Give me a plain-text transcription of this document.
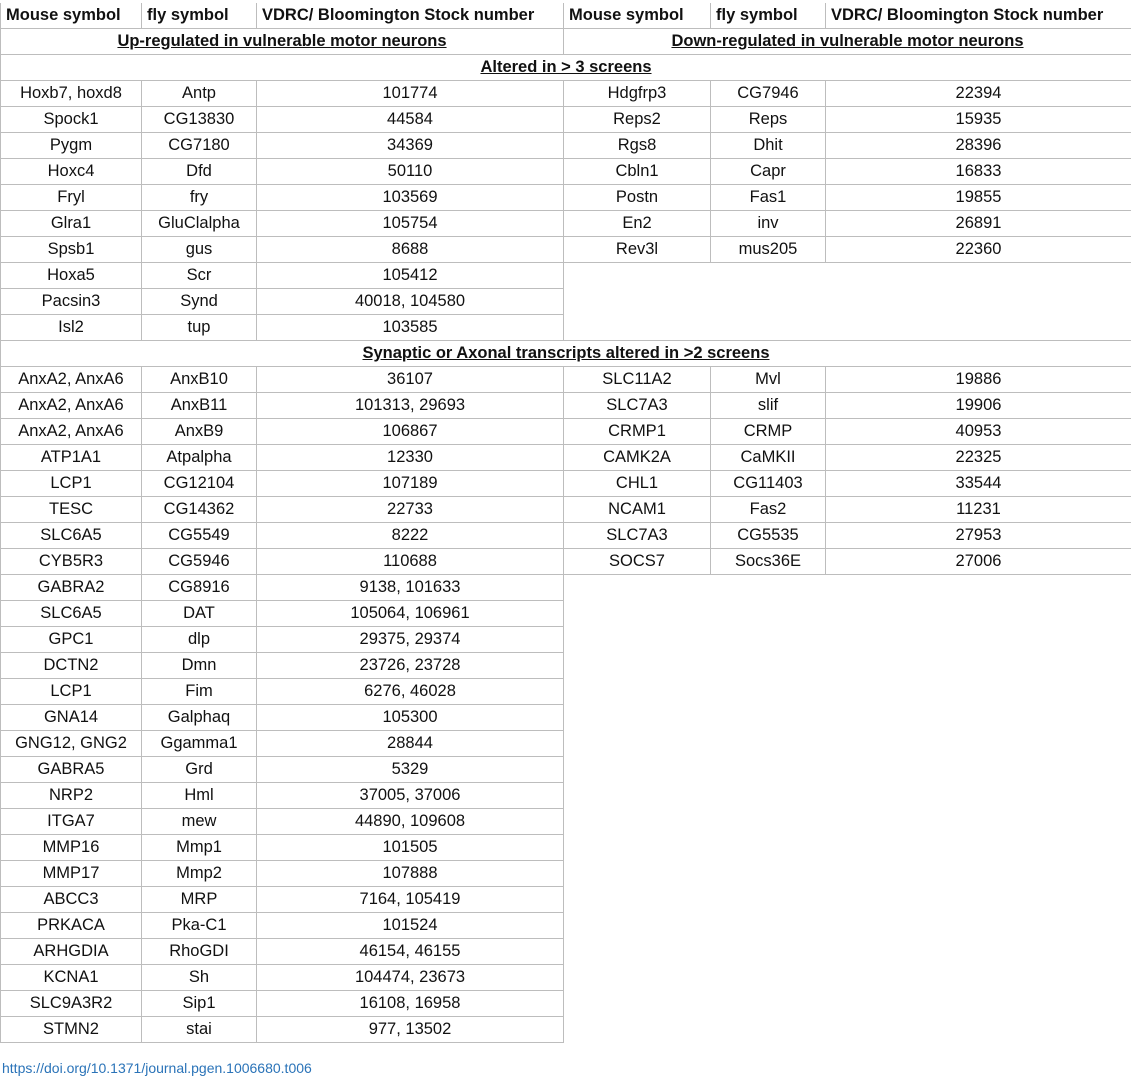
Mouse symbol	fly symbol	VDRC/ Bloomington Stock number	Mouse symbol	fly symbol	VDRC/ Bloomington Stock number
Up-regulated in vulnerable motor neurons			Down-regulated in vulnerable motor neurons		
Altered in > 3 screens					
Hoxb7, hoxd8	Antp	101774	Hdgfrp3	CG7946	22394
Spock1	CG13830	44584	Reps2	Reps	15935
Pygm	CG7180	34369	Rgs8	Dhit	28396
Hoxc4	Dfd	50110	Cbln1	Capr	16833
Fryl	fry	103569	Postn	Fas1	19855
Glra1	GluClalpha	105754	En2	inv	26891
Spsb1	gus	8688	Rev3l	mus205	22360
Hoxa5	Scr	105412			
Pacsin3	Synd	40018, 104580			
Isl2	tup	103585			
Synaptic or Axonal transcripts altered in >2 screens					
AnxA2, AnxA6	AnxB10	36107	SLC11A2	Mvl	19886
AnxA2, AnxA6	AnxB11	101313, 29693	SLC7A3	slif	19906
AnxA2, AnxA6	AnxB9	106867	CRMP1	CRMP	40953
ATP1A1	Atpalpha	12330	CAMK2A	CaMKII	22325
LCP1	CG12104	107189	CHL1	CG11403	33544
TESC	CG14362	22733	NCAM1	Fas2	11231
SLC6A5	CG5549	8222	SLC7A3	CG5535	27953
CYB5R3	CG5946	110688	SOCS7	Socs36E	27006
GABRA2	CG8916	9138, 101633			
SLC6A5	DAT	105064, 106961			
GPC1	dlp	29375, 29374			
DCTN2	Dmn	23726, 23728			
LCP1	Fim	6276, 46028			
GNA14	Galphaq	105300			
GNG12, GNG2	Ggamma1	28844			
GABRA5	Grd	5329			
NRP2	Hml	37005, 37006			
ITGA7	mew	44890, 109608			
MMP16	Mmp1	101505			
MMP17	Mmp2	107888			
ABCC3	MRP	7164, 105419			
PRKACA	Pka-C1	101524			
ARHGDIA	RhoGDI	46154, 46155			
KCNA1	Sh	104474, 23673			
SLC9A3R2	Sip1	16108, 16958			
STMN2	stai	977, 13502			
https://doi.org/10.1371/journal.pgen.1006680.t006
